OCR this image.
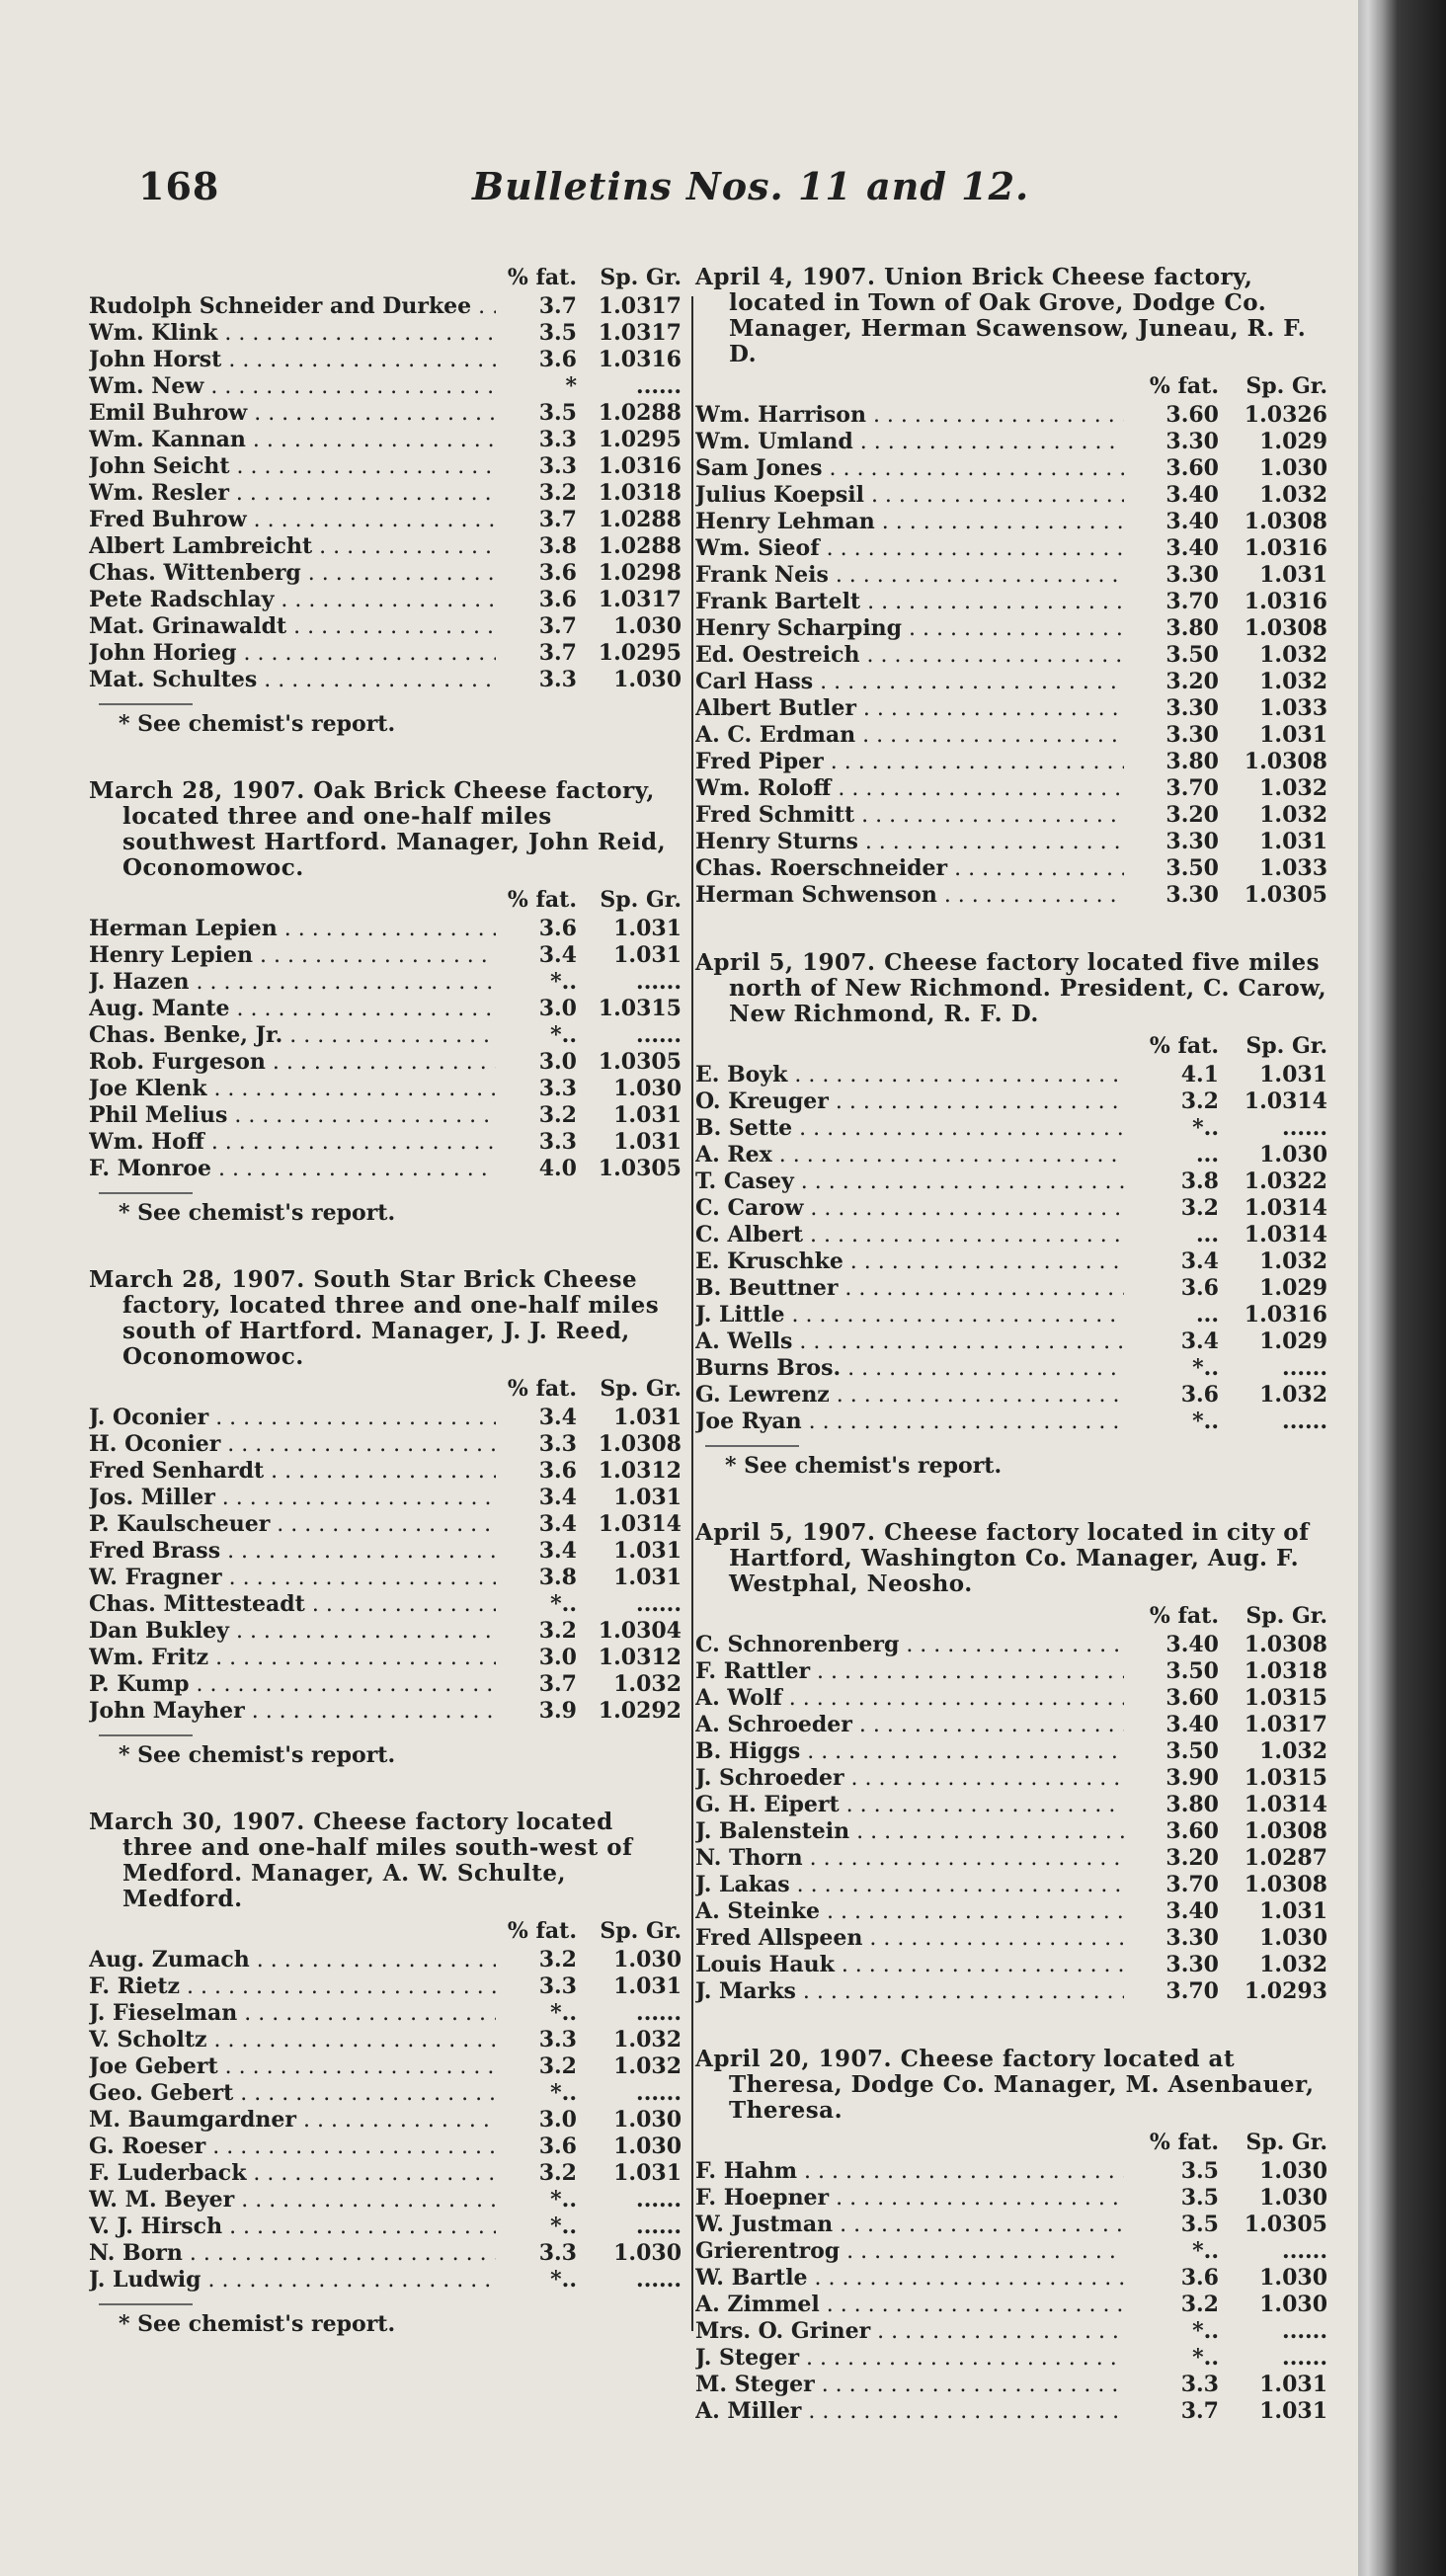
168	Bulletins Nos. 11 and 12.
% fat.	Sp. Gr.
Rudolph Schneider and Durkee . . .	3.7 1.0317
Wm. Klink . . .	3.5 1.0317
John Horst . . .	3.6 1.0316
Wm. New . . .	*	......
Emil Buhrow . . .	3.5 1.0288
Wm. Kannan . . .	3.3 1.0295
John Seicht . . .	3.3 1.0316
Wm. Resler . . .	3.2 1.0318
Fred Buhrow . . .	3.7 1.0288
Albert Lambreicht . . .	3.8 1.0288
Chas. Wittenberg . . .	3.6 1.0298
Pete Radschlay . . .	3.6 1.0317
Mat. Grinawaldt . . .	3.7	1.030
John Horieg . . .	3.7 1.0295
Mat. Schultes . . .	3.3	1.030
* See chemist's report.
March 28, 1907. Oak Brick Cheese factory, located three and one-half miles southwest Hartford. Manager, John Reid, Oconomowoc.
% fat.	Sp. Gr.
Herman Lepien . . .	3.6	1.031
Henry Lepien . . .	3.4	1.031
J. Hazen . . .	*..	......
Aug. Mante . . .	3.0 1.0315
Chas. Benke, Jr. . . .	*..	......
Rob. Furgeson . . .	3.0 1.0305
Joe Klenk . . .	3.3	1.030
Phil Melius . . .	3.2	1.031
Wm. Hoff . . .	3.3	1.031
F. Monroe . . .	4.0 1.0305
* See chemist's report.
March 28, 1907. South Star Brick Cheese factory, located three and one-half miles south of Hartford. Manager, J. J. Reed, Oconomowoc.
% fat.	Sp. Gr.
J. Oconier . . .	3.4	1.031
H. Oconier . . .	3.3 1.0308
Fred Senhardt . . .	3.6 1.0312
Jos. Miller . . .	3.4	1.031
P. Kaulscheuer . . .	3.4 1.0314
Fred Brass . . .	3.4	1.031
W. Fragner . . .	3.8	1.031
Chas. Mittesteadt . . .	*..	......
Dan Bukley . . .	3.2 1.0304
Wm. Fritz . . .	3.0 1.0312
P. Kump . . .	3.7	1.032
John Mayher . . .	3.9 1.0292
* See chemist's report.
March 30, 1907. Cheese factory located three and one-half miles south-west of Medford. Manager, A. W. Schulte, Medford.
% fat.	Sp. Gr.
Aug. Zumach . . .	3.2	1.030
F. Rietz . . .	3.3	1.031
J. Fieselman . . .	*..	......
V. Scholtz . . .	3.3	1.032
Joe Gebert . . .	3.2	1.032
Geo. Gebert . . .	*..	......
M. Baumgardner . . .	3.0	1.030
G. Roeser . . .	3.6	1.030
F. Luderback . . .	3.2	1.031
W. M. Beyer . . .	*..	......
V. J. Hirsch . . .	*..	......
N. Born . . .	3.3	1.030
J. Ludwig . . .	*..	......
* See chemist's report.
April 4, 1907. Union Brick Cheese factory, located in Town of Oak Grove, Dodge Co. Manager, Herman Scawensow, Juneau, R. F. D.
% fat.	Sp. Gr.
Wm. Harrison . . .	3.60	1.0326
Wm. Umland . . .	3.30	1.029
Sam Jones . . .	3.60	1.030
Julius Koepsil . . .	3.40	1.032
Henry Lehman . . .	3.40	1.0308
Wm. Sieof . . .	3.40	1.0316
Frank Neis . . .	3.30	1.031
Frank Bartelt . . .	3.70	1.0316
Henry Scharping . . .	3.80	1.0308
Ed. Oestreich . . .	3.50	1.032
Carl Hass . . .	3.20	1.032
Albert Butler . . .	3.30	1.033
A. C. Erdman . . .	3.30	1.031
Fred Piper . . .	3.80	1.0308
Wm. Roloff . . .	3.70	1.032
Fred Schmitt . . .	3.20	1.032
Henry Sturns . . .	3.30	1.031
Chas. Roerschneider . . .	3.50	1.033
Herman Schwenson . . .	3.30	1.0305
April 5, 1907. Cheese factory located five miles north of New Richmond. President, C. Carow, New Richmond, R. F. D.
% fat.	Sp. Gr.
E. Boyk . . .	4.1	1.031
O. Kreuger . . .	3.2	1.0314
B. Sette . . .	*..	......
A. Rex . . .	...	1.030
T. Casey . . .	3.8	1.0322
C. Carow . . .	3.2	1.0314
C. Albert . . .	...	1.0314
E. Kruschke . . .	3.4	1.032
B. Beuttner . . .	3.6	1.029
J. Little . . .	...	1.0316
A. Wells . . .	3.4	1.029
Burns Bros. . . .	*..	......
G. Lewrenz . . .	3.6	1.032
Joe Ryan . . .	*..	......
* See chemist's report.
April 5, 1907. Cheese factory located in city of Hartford, Washington Co. Manager, Aug. F. Westphal, Neosho.
% fat.	Sp. Gr.
C. Schnorenberg . . .	3.40	1.0308
F. Rattler . . .	3.50	1.0318
A. Wolf . . .	3.60	1.0315
A. Schroeder . . .	3.40	1.0317
B. Higgs . . .	3.50	1.032
J. Schroeder . . .	3.90	1.0315
G. H. Eipert . . .	3.80	1.0314
J. Balenstein . . .	3.60	1.0308
N. Thorn . . .	3.20	1.0287
J. Lakas . . .	3.70	1.0308
A. Steinke . . .	3.40	1.031
Fred Allspeen . . .	3.30	1.030
Louis Hauk . . .	3.30	1.032
J. Marks . . .	3.70	1.0293
April 20, 1907. Cheese factory located at Theresa, Dodge Co. Manager, M. Asenbauer, Theresa.
% fat.	Sp. Gr.
F. Hahm . . .	3.5	1.030
F. Hoepner . . .	3.5	1.030
W. Justman . . .	3.5	1.0305
Grierentrog . . .	*..	......
W. Bartle . . .	3.6	1.030
A. Zimmel . . .	3.2	1.030
Mrs. O. Griner . . .	*..	......
J. Steger . . .	*..	......
M. Steger . . .	3.3	1.031
A. Miller . . .	3.7	1.031
